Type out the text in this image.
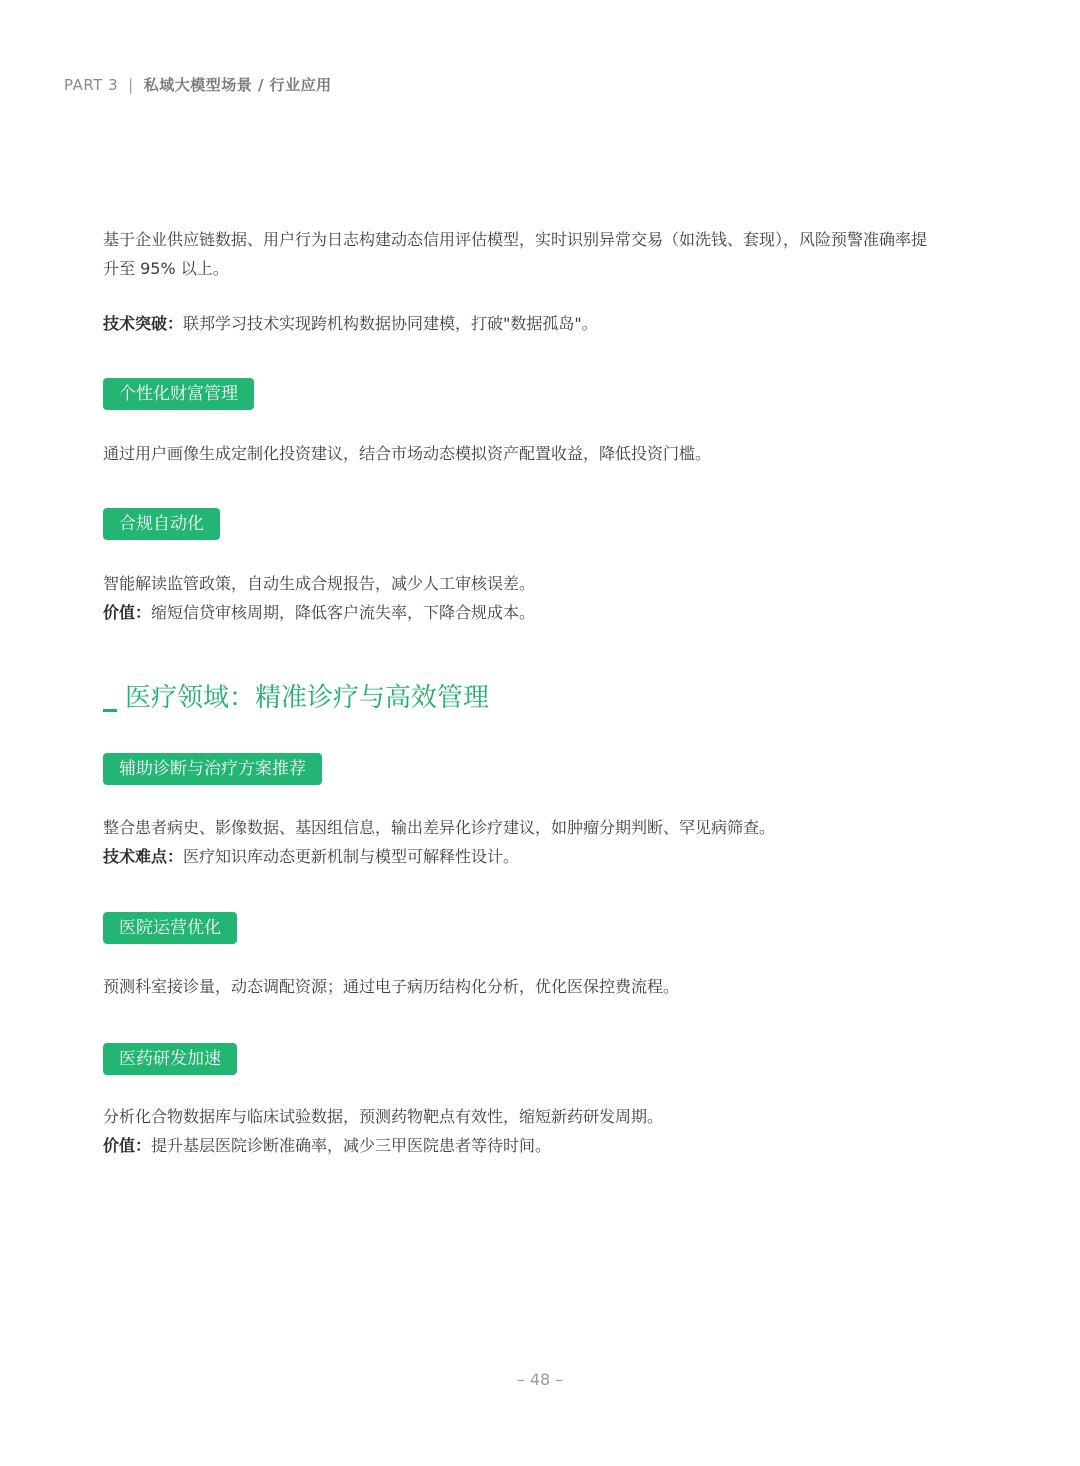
PART 3 | 私域大模型场景 / 行业应用

基于企业供应链数据、用户行为日志构建动态信用评估模型，实时识别异常交易（如洗钱、套现），风险预警准确率提
升至 95% 以上。

技术突破：联邦学习技术实现跨机构数据协同建模，打破"数据孤岛"。

个性化财富管理

通过用户画像生成定制化投资建议，结合市场动态模拟资产配置收益，降低投资门槛。

合规自动化

智能解读监管政策，自动生成合规报告，减少人工审核误差。
价值：缩短信贷审核周期，降低客户流失率，下降合规成本。

医疗领域：精准诊疗与高效管理
辅助诊断与治疗方案推荐

整合患者病史、影像数据、基因组信息，输出差异化诊疗建议，如肿瘤分期判断、罕见病筛查。
技术难点：医疗知识库动态更新机制与模型可解释性设计。

医院运营优化

预测科室接诊量，动态调配资源；通过电子病历结构化分析，优化医保控费流程。

医药研发加速

分析化合物数据库与临床试验数据，预测药物靶点有效性，缩短新药研发周期。
价值：提升基层医院诊断准确率，减少三甲医院患者等待时间。

– 48 –
